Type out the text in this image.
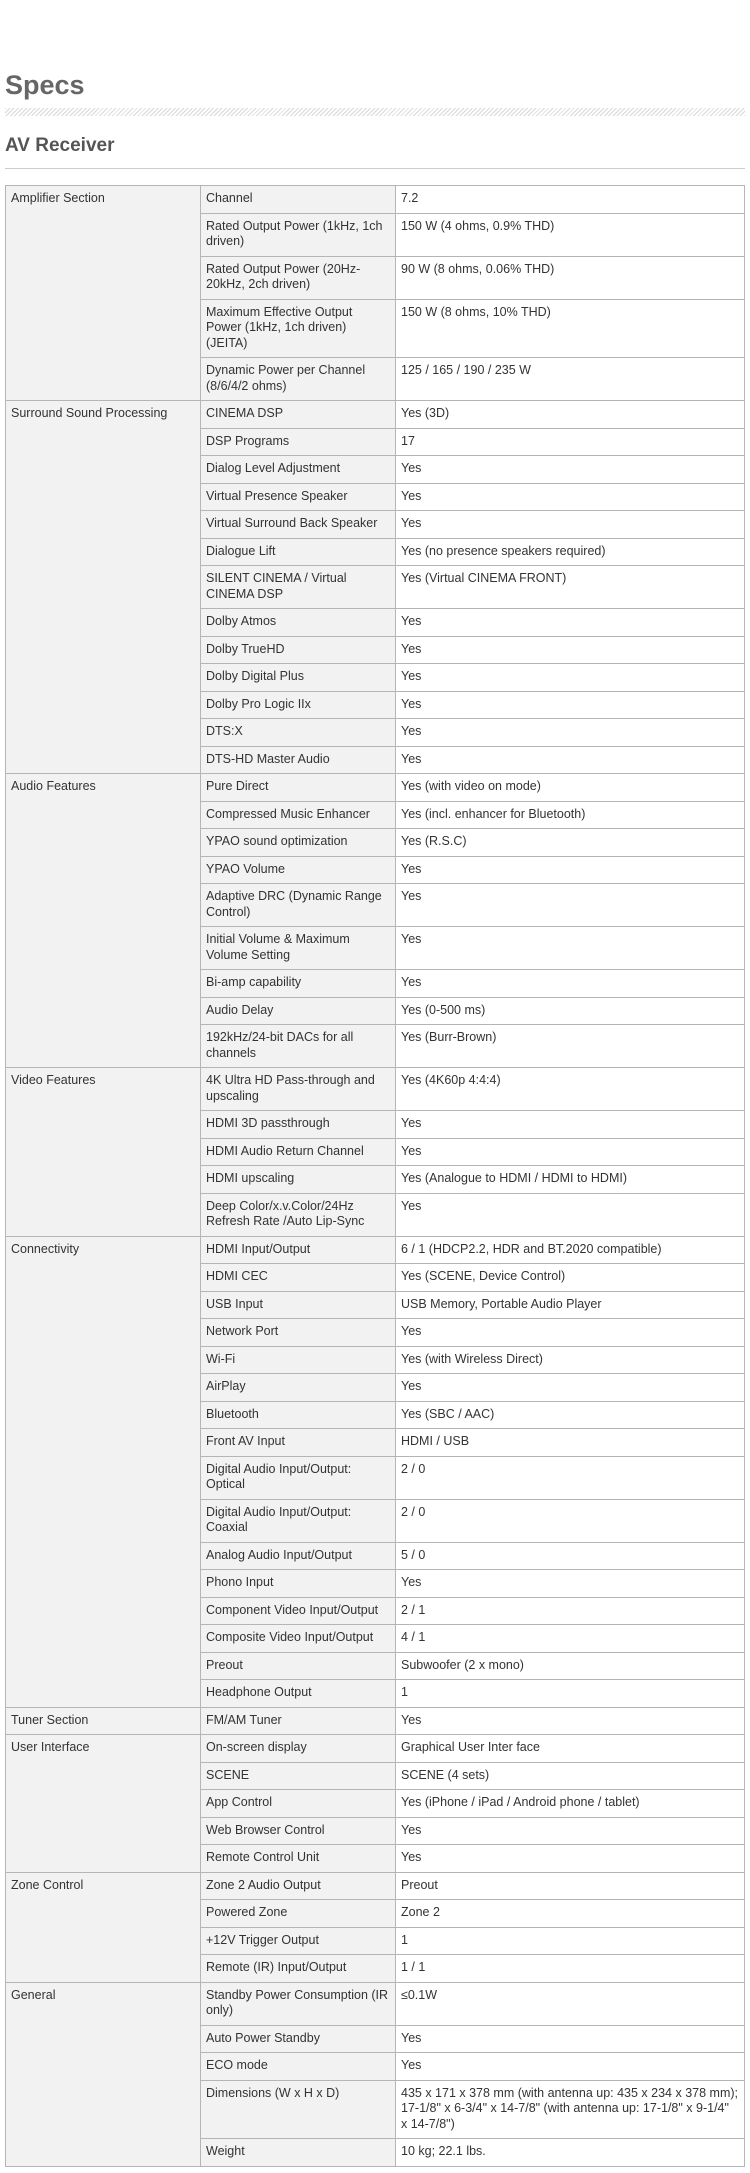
Specs
AV Receiver
Amplifier Section	Channel	7.2
	Rated Output Power (1kHz, 1ch driven)	150 W (4 ohms, 0.9% THD)
	Rated Output Power (20Hz-20kHz, 2ch driven)	90 W (8 ohms, 0.06% THD)
	Maximum Effective Output Power (1kHz, 1ch driven) (JEITA)	150 W (8 ohms, 10% THD)
	Dynamic Power per Channel (8/6/4/2 ohms)	125 / 165 / 190 / 235 W
Surround Sound Processing	CINEMA DSP	Yes (3D)
	DSP Programs	17
	Dialog Level Adjustment	Yes
	Virtual Presence Speaker	Yes
	Virtual Surround Back Speaker	Yes
	Dialogue Lift	Yes (no presence speakers required)
	SILENT CINEMA / Virtual CINEMA DSP	Yes (Virtual CINEMA FRONT)
	Dolby Atmos	Yes
	Dolby TrueHD	Yes
	Dolby Digital Plus	Yes
	Dolby Pro Logic IIx	Yes
	DTS:X	Yes
	DTS-HD Master Audio	Yes
Audio Features	Pure Direct	Yes (with video on mode)
	Compressed Music Enhancer	Yes (incl. enhancer for Bluetooth)
	YPAO sound optimization	Yes (R.S.C)
	YPAO Volume	Yes
	Adaptive DRC (Dynamic Range Control)	Yes
	Initial Volume & Maximum Volume Setting	Yes
	Bi-amp capability	Yes
	Audio Delay	Yes (0-500 ms)
	192kHz/24-bit DACs for all channels	Yes (Burr-Brown)
Video Features	4K Ultra HD Pass-through and upscaling	Yes (4K60p 4:4:4)
	HDMI 3D passthrough	Yes
	HDMI Audio Return Channel	Yes
	HDMI upscaling	Yes (Analogue to HDMI / HDMI to HDMI)
	Deep Color/x.v.Color/24Hz Refresh Rate /Auto Lip-Sync	Yes
Connectivity	HDMI Input/Output	6 / 1 (HDCP2.2, HDR and BT.2020 compatible)
	HDMI CEC	Yes (SCENE, Device Control)
	USB Input	USB Memory, Portable Audio Player
	Network Port	Yes
	Wi-Fi	Yes (with Wireless Direct)
	AirPlay	Yes
	Bluetooth	Yes (SBC / AAC)
	Front AV Input	HDMI / USB
	Digital Audio Input/Output: Optical	2 / 0
	Digital Audio Input/Output: Coaxial	2 / 0
	Analog Audio Input/Output	5 / 0
	Phono Input	Yes
	Component Video Input/Output	2 / 1
	Composite Video Input/Output	4 / 1
	Preout	Subwoofer (2 x mono)
	Headphone Output	1
Tuner Section	FM/AM Tuner	Yes
User Interface	On-screen display	Graphical User Inter face
	SCENE	SCENE (4 sets)
	App Control	Yes (iPhone / iPad / Android phone / tablet)
	Web Browser Control	Yes
	Remote Control Unit	Yes
Zone Control	Zone 2 Audio Output	Preout
	Powered Zone	Zone 2
	+12V Trigger Output	1
	Remote (IR) Input/Output	1 / 1
General	Standby Power Consumption (IR only)	≤0.1W
	Auto Power Standby	Yes
	ECO mode	Yes
	Dimensions (W x H x D)	435 x 171 x 378 mm (with antenna up: 435 x 234 x 378 mm); 17-1/8" x 6-3/4" x 14-7/8" (with antenna up: 17-1/8" x 9-1/4" x 14-7/8")
	Weight	10 kg; 22.1 lbs.
